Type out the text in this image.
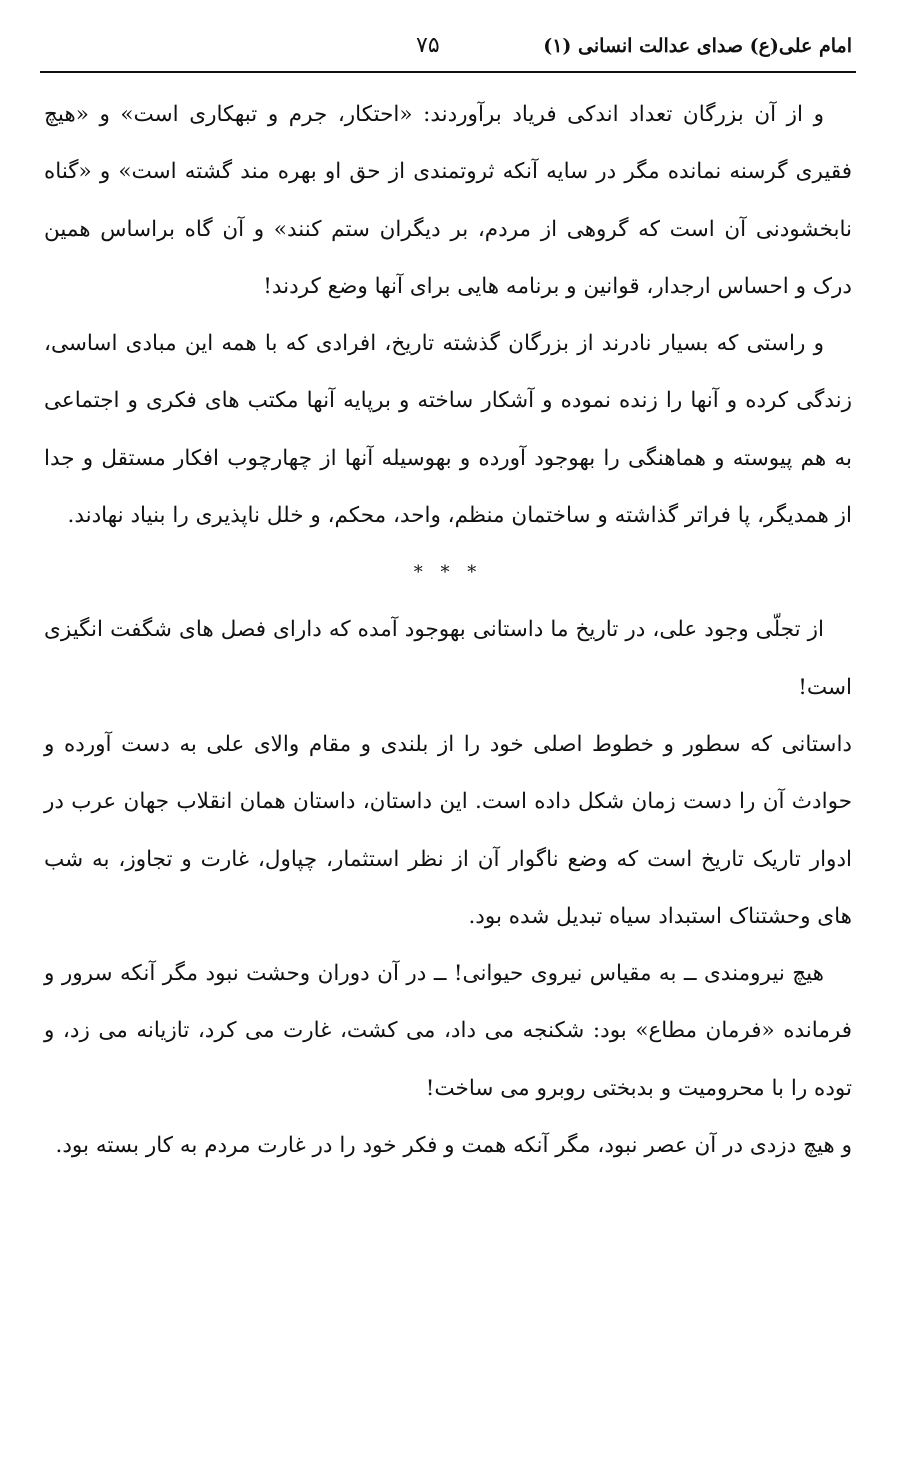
امام علی(ع) صدای عدالت انسانی (۱)
۷۵

و از آن بزرگان تعداد اندکی فریاد برآوردند: «احتکار، جرم و تبهکاری است» و «هیچ فقیری گرسنه نمانده مگر در سایه آنکه ثروتمندی از حق او بهره مند گشته است» و «گناه نابخشودنی آن است که گروهی از مردم، بر دیگران ستم کنند» و آن گاه براساس همین درک و احساس ارجدار، قوانین و برنامه هایی برای آنها وضع کردند!

و راستی که بسیار نادرند از بزرگان گذشته تاریخ، افرادی که با همه این مبادی اساسی، زندگی کرده و آنها را زنده نموده و آشکار ساخته و برپایه آنها مکتب های فکری و اجتماعی به هم پیوسته و هماهنگی را بهوجود آورده و بهوسیله آنها از چهارچوب افکار مستقل و جدا از همدیگر، پا فراتر گذاشته و ساختمان منظم، واحد، محکم، و خلل ناپذیری را بنیاد نهادند.

* * *

از تجلّی وجود علی، در تاریخ ما داستانی بهوجود آمده که دارای فصل های شگفت انگیزی است!

داستانی که سطور و خطوط اصلی خود را از بلندی و مقام والای علی به دست آورده و حوادث آن را دست زمان شکل داده است. این داستان، داستان همان انقلاب جهان عرب در ادوار تاریک تاریخ است که وضع ناگوار آن از نظر استثمار، چپاول، غارت و تجاوز، به شب های وحشتناک استبداد سیاه تبدیل شده بود.

هیچ نیرومندی ــ به مقیاس نیروی حیوانی! ــ در آن دوران وحشت نبود مگر آنکه سرور و فرمانده «فرمان مطاع» بود: شکنجه می داد، می کشت، غارت می کرد، تازیانه می زد، و توده را با محرومیت و بدبختی روبرو می ساخت!

و هیچ دزدی در آن عصر نبود، مگر آنکه همت و فکر خود را در غارت مردم به کار بسته بود.
